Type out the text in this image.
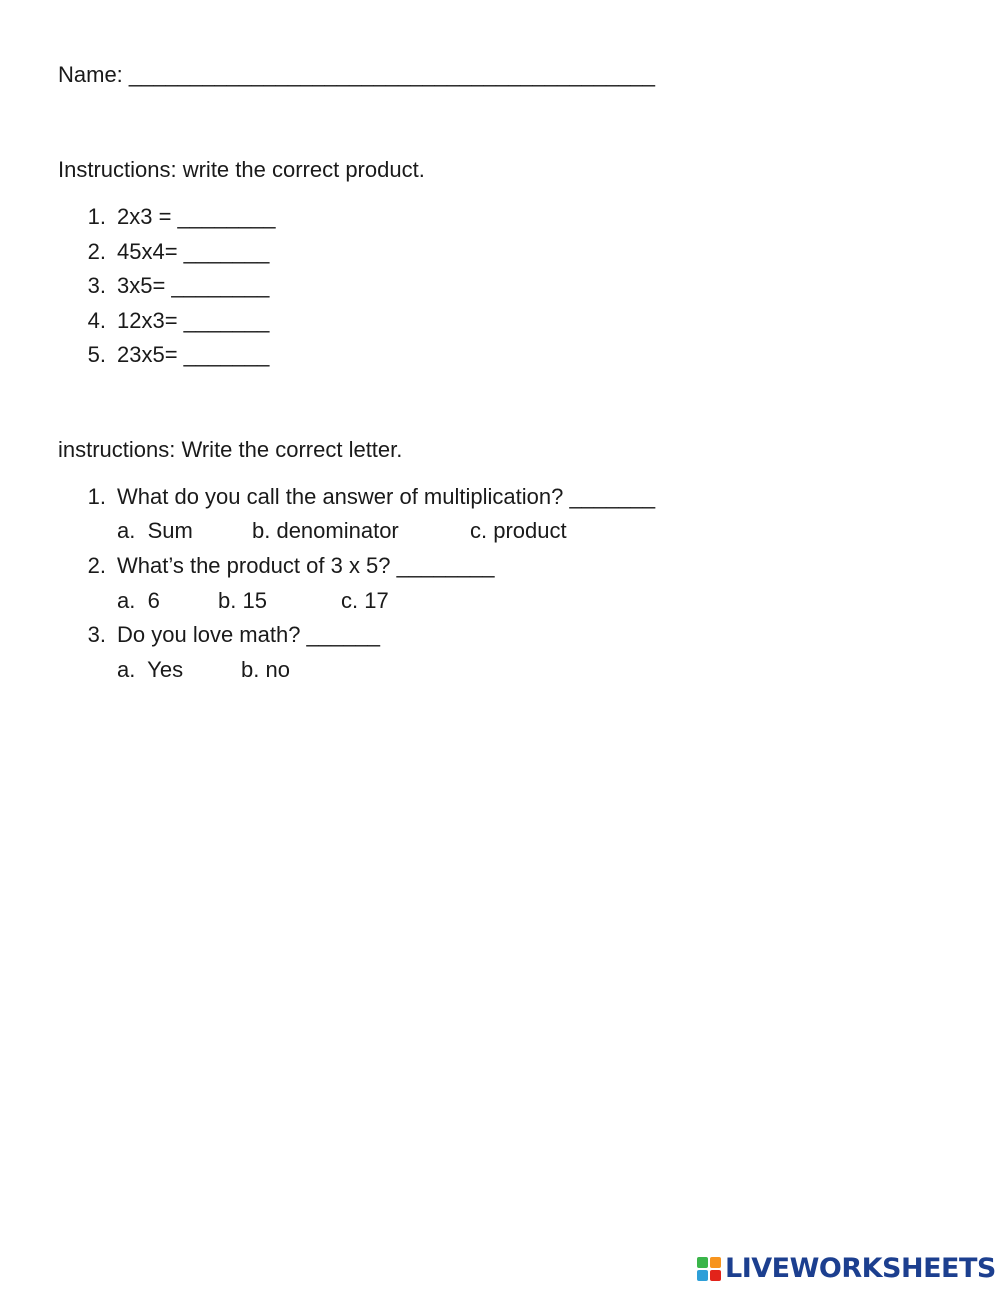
Name: ___________________________________________
Instructions: write the correct product.
1. 2x3 = ________
2. 45x4= _______
3. 3x5= ________
4. 12x3= _______
5. 23x5= _______
instructions: Write the correct letter.
1. What do you call the answer of multiplication? _______
a.  Sum	b. denominator	c. product
2. What’s the product of 3 x 5? ________
a.  6	b. 15	c. 17
3. Do you love math? ______
a.  Yes	b. no
LIVEWORKSHEETS
